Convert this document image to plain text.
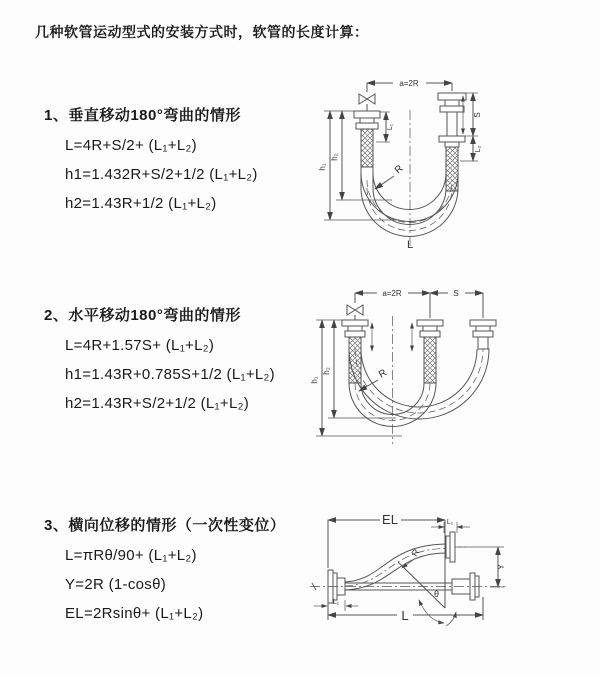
几种软管运动型式的安装方式时，软管的长度计算：

1、垂直移动180°弯曲的情形

L=4R+S/2+ (L₁+L₂)

h1=1.432R+S/2+1/2 (L₁+L₂)

h2=1.43R+1/2 (L₁+L₂)

2、水平移动180°弯曲的情形

L=4R+1.57S+ (L₁+L₂)

h1=1.43R+0.785S+1/2 (L₁+L₂)

h2=1.43R+S/2+1/2 (L₁+L₂)

3、横向位移的情形（一次性变位）

L=πRθ/90+ (L₁+L₂)

Y=2R (1-cosθ)

EL=2Rsinθ+ (L₁+L₂)

a=2R
S
L₂
L₁
h₁
h₂
R
L
a=2R	S
h₁
h₂	R
EL	L₁
Y
R
θ
L
L₁
